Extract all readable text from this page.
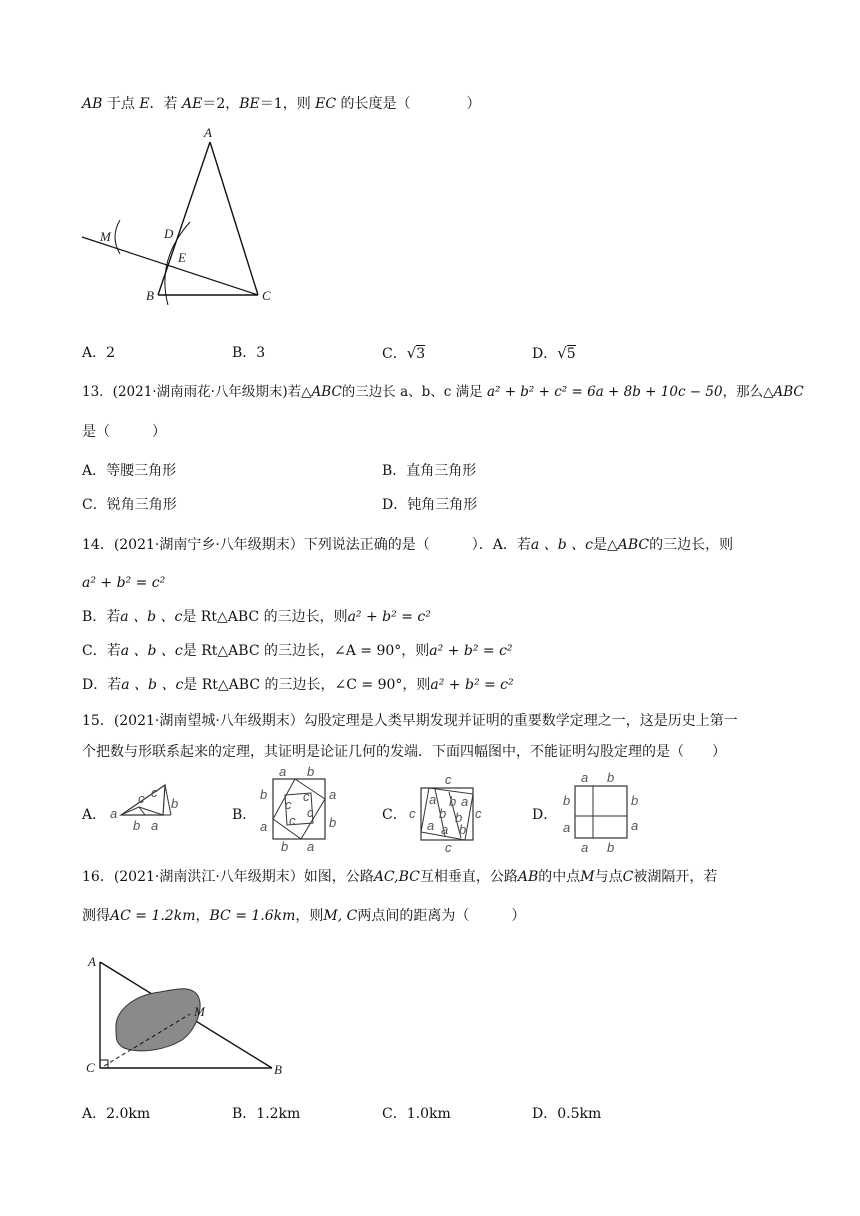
AB 于点 E．若 AE＝2，BE＝1，则 EC 的长度是（　　　　）
A
B	C
D
E
M
A．2	B．3	C．√3	D．√5
13．(2021·湖南雨花·八年级期末)若△ABC的三边长 a、b、c 满足 a² + b² + c² = 6a + 8b + 10c − 50，那么△ABC
是（　　　）
A．等腰三角形	B．直角三角形
C．锐角三角形	D．钝角三角形
14．(2021·湖南宁乡·八年级期末）下列说法正确的是（　　　）．A．若a 、b 、c是△ABC的三边长，则
a² + b² = c²
B．若a 、b 、c是 Rt△ABC 的三边长，则a² + b² = c²
C．若a 、b 、c是 Rt△ABC 的三边长，∠A = 90°，则a² + b² = c²
D．若a 、b 、c是 Rt△ABC 的三边长，∠C = 90°，则a² + b² = c²
15．(2021·湖南望城·八年级期末）勾股定理是人类早期发现并证明的重要数学定理之一，这是历史上第一
个把数与形联系起来的定理，其证明是论证几何的发端．下面四幅图中，不能证明勾股定理的是（　　）
A．
c c
a
b
b a
B．
a b
b	a
a	b
b a
c
c
c
c	C．
c
c	c
c
a b a
b b
a a b
D．
a b
b	b
a	a
a b
16．(2021·湖南洪江·八年级期末）如图，公路AC,BC互相垂直，公路AB的中点M与点C被湖隔开，若
测得AC = 1.2km，BC = 1.6km，则M, C两点间的距离为（　　　）
A
B
C
M
A．2.0km	B．1.2km	C．1.0km	D．0.5km
